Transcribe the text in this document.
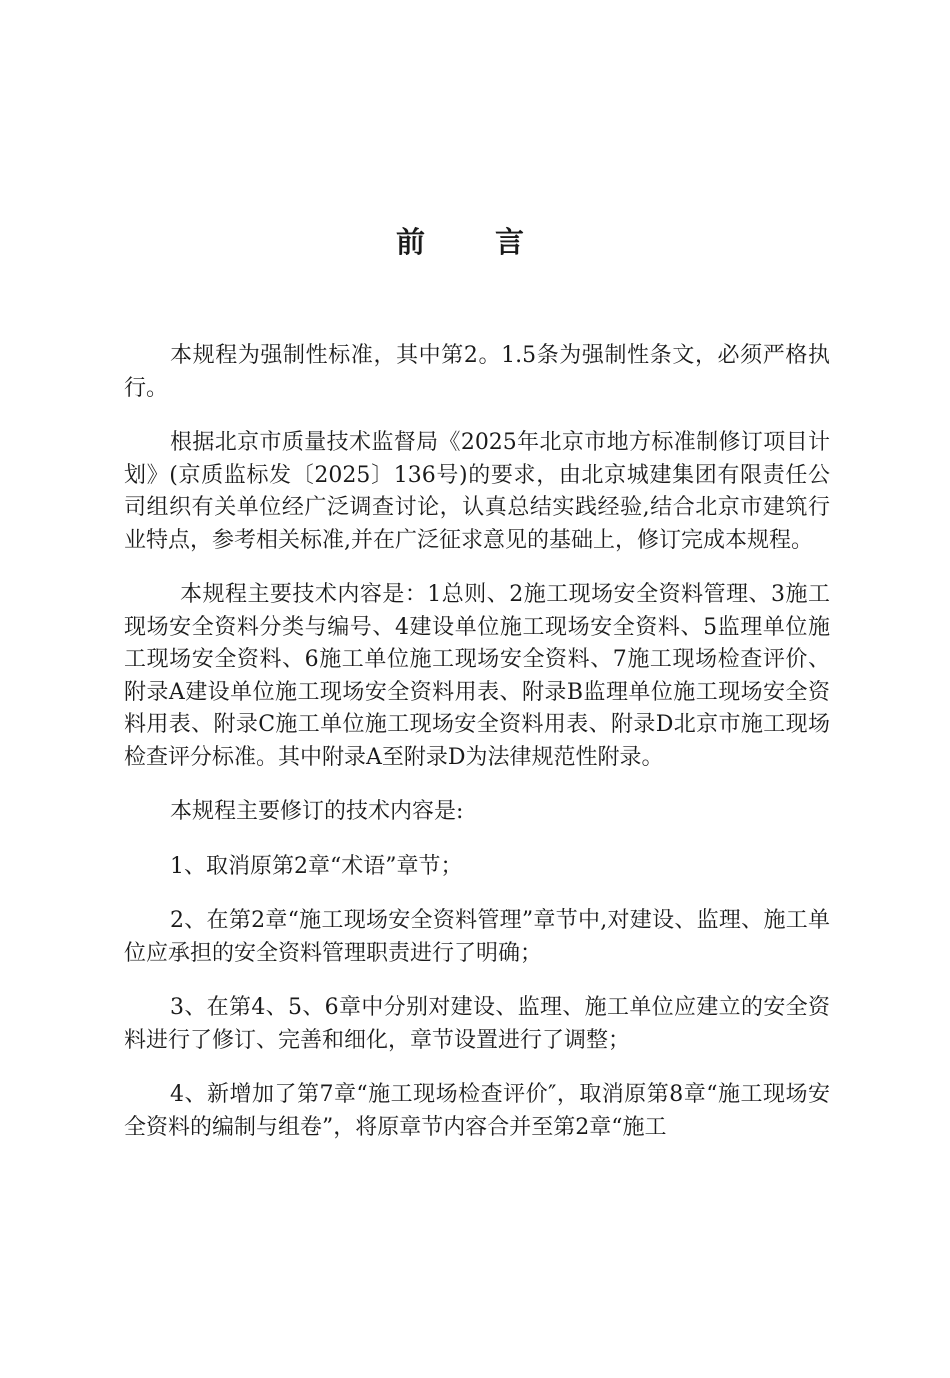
前 言

本规程为强制性标准，其中第2。1.5条为强制性条文，必须严格执行。

根据北京市质量技术监督局《2025年北京市地方标准制修订项目计划》(京质监标发〔2025〕136号)的要求，由北京城建集团有限责任公司组织有关单位经广泛调查讨论，认真总结实践经验,结合北京市建筑行业特点，参考相关标准,并在广泛征求意见的基础上，修订完成本规程。

本规程主要技术内容是：1总则、2施工现场安全资料管理、3施工现场安全资料分类与编号、4建设单位施工现场安全资料、5监理单位施工现场安全资料、6施工单位施工现场安全资料、7施工现场检查评价、附录A建设单位施工现场安全资料用表、附录B监理单位施工现场安全资料用表、附录C施工单位施工现场安全资料用表、附录D北京市施工现场检查评分标准。其中附录A至附录D为法律规范性附录。

本规程主要修订的技术内容是:

1、取消原第2章“术语”章节；

2、在第2章“施工现场安全资料管理”章节中,对建设、监理、施工单位应承担的安全资料管理职责进行了明确；

3、在第4、5、6章中分别对建设、监理、施工单位应建立的安全资料进行了修订、完善和细化，章节设置进行了调整；

4、新增加了第7章“施工现场检查评价″，取消原第8章“施工现场安全资料的编制与组卷”，将原章节内容合并至第2章“施工
